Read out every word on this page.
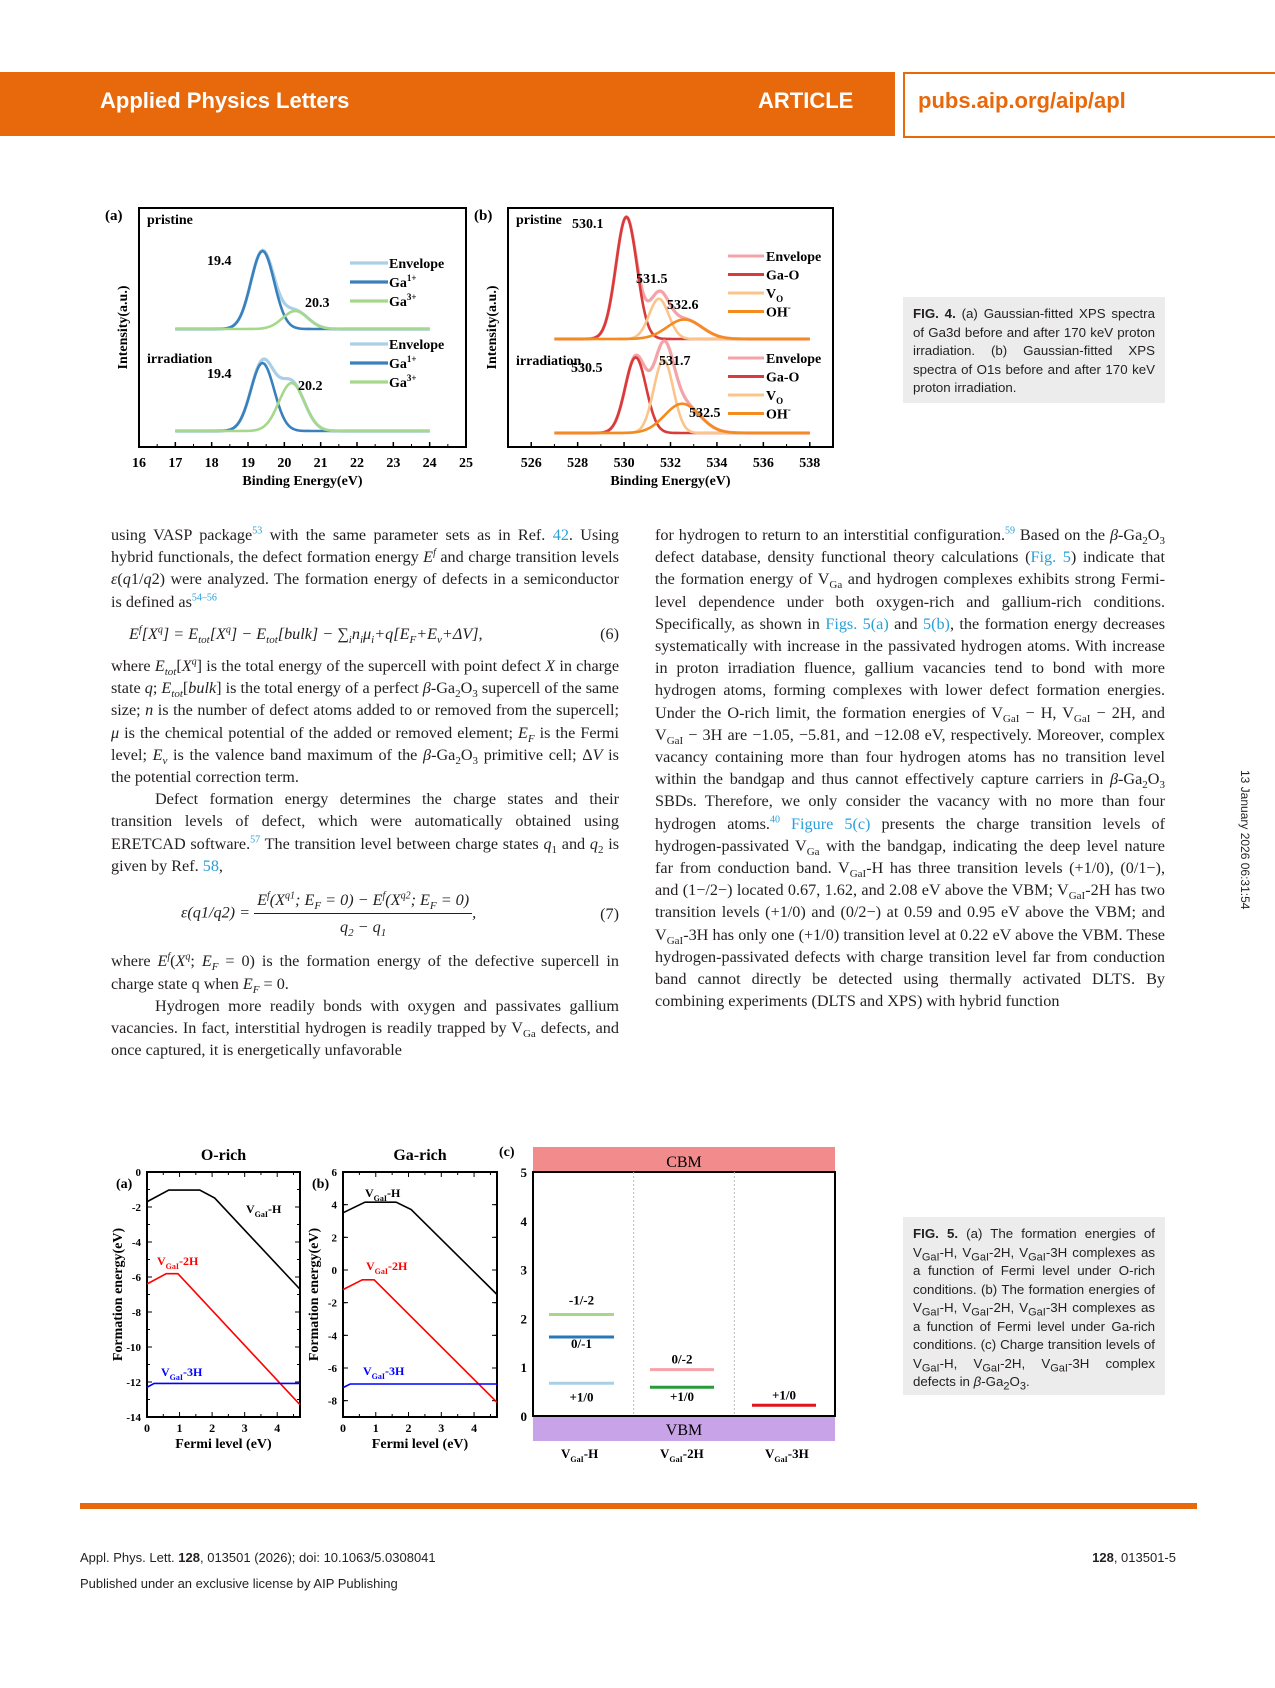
Applied Physics Letters	ARTICLE	pubs.aip.org/aip/apl
16 17 18 19 20 21 22 23 24 25
Binding Energy(eV)
Intensity(a.u.)
(a) pristine
irradiation
19.4
20.3
19.4
20.2
Envelope
$Ga^{1+}$
$Ga^{3+}$
Envelope
$Ga^{1+}$
$Ga^{3+}$
526 528 530 532 534 536 538
Binding Energy(eV)
Intensity(a.u.)
(b) pristine
irradiation
530.1
531.5
532.6
530.5	531.7
532.5
Envelope
Ga-O
$V_O$
OH-
Envelope
Ga-O
$V_O$
OH-
0 1 2 3 4
0
-2
-4
-6
-8
-10
-12
-14
Fermi level (eV)
Formation energy(eV)
O-rich
(a)
$V_{GaI}-H$
$V_{GaI}-2H$
$V_{GaI}-3H$
0 1 2 3 4
6
4
2
0
-2
-4
-6
-8
Fermi level (eV)
Formation energy(eV)
Ga-rich
(b)
$V_{GaI}-H$
$V_{GaI}-2H$
$V_{GaI}-3H$
CBM
VBM
0
1
2
3
4
5
(c)
+1/0
0/-1
-1/-2
+1/0
0/-2
+1/0
$V_{GaI}-H$	$V_{GaI}-2H$	$V_{GaI}-3H$
FIG. 4. (a) Gaussian-fitted XPS spectra of Ga3d before and after 170 keV proton irradiation. (b) Gaussian-fitted XPS spectra of O1s before and after 170 keV proton irradiation.
FIG. 5. (a) The formation energies of $V_{GaI}-H$, $V_{GaI}-2H$, $V_{GaI}-3H$ complexes as a function of Fermi level under O-rich conditions. (b) The formation energies of $V_{GaI}-H$, $V_{GaI}-2H$, $V_{GaI}-3H$ complexes as a function of Fermi level under Ga-rich conditions. (c) Charge transition levels of $V_{GaI}-H$, $V_{GaI}-2H$, $V_{GaI}-3H$ complex defects in $\beta-Ga_2O_3$.

using VASP package$^{53}$ with the same parameter sets as in Ref. 42. Using hybrid functionals, the defect formation energy $E^f$ and charge transition levels ε(q1/q2) were analyzed. The formation energy of defects in a semiconductor is defined as$^{54-56}$

$E^f[X^q] = E_{tot}[X^q]$ − $E_{tot}[bulk] - \sum_in_i\mu_i+q[E_F+E_v+\Delta V]$,	(6)

where $E_{tot}[X^q]$ is the total energy of the supercell with point defect X in charge state q; $E_{tot}[bulk]$ is the total energy of a perfect $\beta-Ga_2O_3$ supercell of the same size; n is the number of defect atoms added to or removed from the supercell; μ is the chemical potential of the added or removed element; $E_F$ is the Fermi level; $E_v$ is the valence band maximum of the $\beta-Ga_2O_3$ primitive cell; ΔV is the potential correction term.

Defect formation energy determines the charge states and their transition levels of defect, which were automatically obtained using ERETCAD software.$^{57}$ The transition level between charge states $q_1$ and $q_2$ is given by Ref. 58,

$\varepsilon(q1/q2) = \frac{E^f(X^{q1}; E_F = 0) - E^f(X^{q2}; E_F = 0)}{q_2 - q_1}$ ,	(7)

where $E^f(X^q$; $E_F = 0$) is the formation energy of the defective supercell in charge state q when $E_F = 0$.

Hydrogen more readily bonds with oxygen and passivates gallium vacancies. In fact, interstitial hydrogen is readily trapped by $V_{Ga}$ defects, and once captured, it is energetically unfavorable

for hydrogen to return to an interstitial configuration.$^{59}$ Based on the $\beta-Ga_2O_3$ defect database, density functional theory calculations (Fig. 5) indicate that the formation energy of $V_{Ga}$ and hydrogen complexes exhibits strong Fermi-level dependence under both oxygen-rich and gallium-rich conditions. Specifically, as shown in Figs. 5(a) and 5(b), the formation energy decreases systematically with increase in the passivated hydrogen atoms. With increase in proton irradiation fluence, gallium vacancies tend to bond with more hydrogen atoms, forming complexes with lower defect formation energies. Under the O-rich limit, the formation energies of $V_{GaI} - H$, $V_{GaI} - 2H$, and $V_{GaI} - 3H$ are −1.05, −5.81, and −12.08 eV, respectively. Moreover, complex vacancy containing more than four hydrogen atoms has no transition level within the bandgap and thus cannot effectively capture carriers in $\beta-Ga_2O_3$ SBDs. Therefore, we only consider the vacancy with no more than four hydrogen atoms.$^{40}$ Figure 5(c) presents the charge transition levels of hydrogen-passivated $V_{Ga}$ with the bandgap, indicating the deep level nature far from conduction band. $V_{GaI}-H$ has three transition levels (+1/0), (0/1−), and (1−/2−) located 0.67, 1.62, and 2.08 eV above the VBM; $V_{GaI}-2H$ has two transition levels (+1/0) and (0/2−) at 0.59 and 0.95 eV above the VBM; and $V_{GaI}-3H$ has only one (+1/0) transition level at 0.22 eV above the VBM. These hydrogen-passivated defects with charge transition level far from conduction band cannot directly be detected using thermally activated DLTS. By combining experiments (DLTS and XPS) with hybrid function

13 January 2026 06:31:54
Appl. Phys. Lett. 128, 013501 (2026); doi: 10.1063/5.0308041	128, 013501-5
Published under an exclusive license by AIP Publishing
